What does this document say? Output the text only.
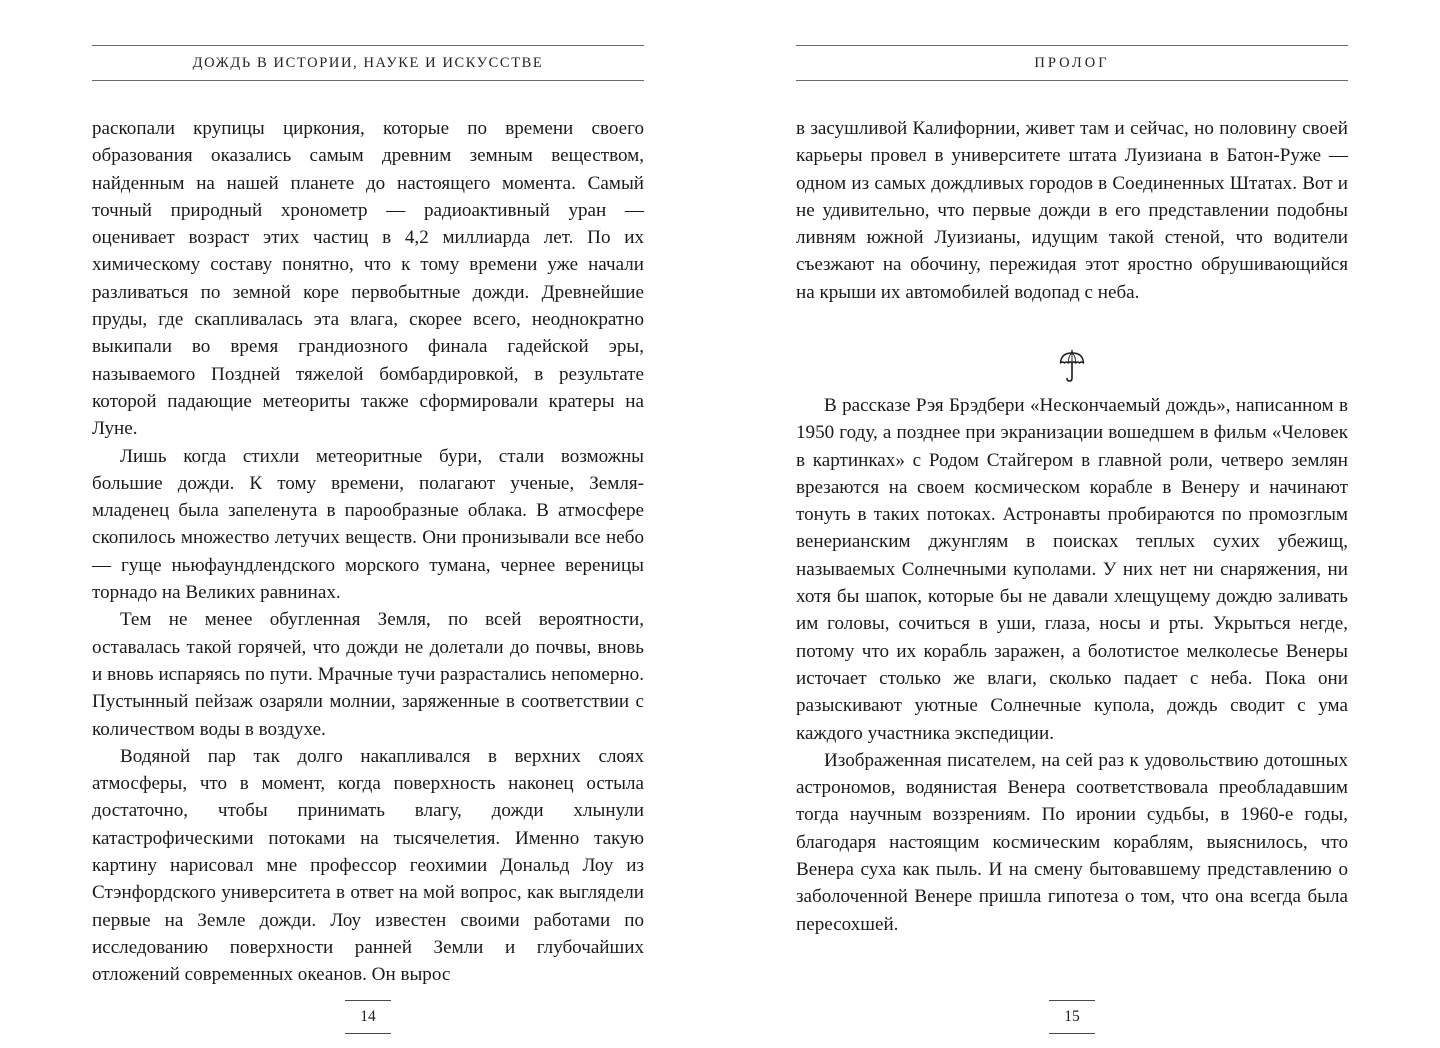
ДОЖДЬ В ИСТОРИИ, НАУКЕ И ИСКУССТВЕ

раскопали крупицы циркония, которые по времени своего образования оказались самым древним земным веществом, найденным на нашей планете до настоящего момента. Самый точный природный хронометр — радиоактивный уран — оценивает возраст этих частиц в 4,2 миллиарда лет. По их химическому составу понятно, что к тому времени уже начали разливаться по земной коре первобытные дожди. Древнейшие пруды, где скапливалась эта влага, скорее всего, неоднократно выкипали во время грандиозного финала гадейской эры, называемого Поздней тяжелой бомбардировкой, в результате которой падающие метеориты также сформировали кратеры на Луне.

Лишь когда стихли метеоритные бури, стали возможны большие дожди. К тому времени, полагают ученые, Земля-младенец была запеленута в парообразные облака. В атмосфере скопилось множество летучих веществ. Они пронизывали все небо — гуще ньюфаундлендского морского тумана, чернее вереницы торнадо на Великих равнинах.

Тем не менее обугленная Земля, по всей вероятности, оставалась такой горячей, что дожди не долетали до почвы, вновь и вновь испаряясь по пути. Мрачные тучи разрастались непомерно. Пустынный пейзаж озаряли молнии, заряженные в соответствии с количеством воды в воздухе.

Водяной пар так долго накапливался в верхних слоях атмосферы, что в момент, когда поверхность наконец остыла достаточно, чтобы принимать влагу, дожди хлынули катастрофическими потоками на тысячелетия. Именно такую картину нарисовал мне профессор геохимии Дональд Лоу из Стэнфордского университета в ответ на мой вопрос, как выглядели первые на Земле дожди. Лоу известен своими работами по исследованию поверхности ранней Земли и глубочайших отложений современных океанов. Он вырос

14
ПРОЛОГ

в засушливой Калифорнии, живет там и сейчас, но половину своей карьеры провел в университете штата Луизиана в Батон-Руже — одном из самых дождливых городов в Соединенных Штатах. Вот и не удивительно, что первые дожди в его представлении подобны ливням южной Луизианы, идущим такой стеной, что водители съезжают на обочину, пережидая этот яростно обрушивающийся на крыши их автомобилей водопад с неба.

В рассказе Рэя Брэдбери «Нескончаемый дождь», написанном в 1950 году, а позднее при экранизации вошедшем в фильм «Человек в картинках» с Родом Стайгером в главной роли, четверо землян врезаются на своем космическом корабле в Венеру и начинают тонуть в таких потоках. Астронавты пробираются по промозглым венерианским джунглям в поисках теплых сухих убежищ, называемых Солнечными куполами. У них нет ни снаряжения, ни хотя бы шапок, которые бы не давали хлещущему дождю заливать им головы, сочиться в уши, глаза, носы и рты. Укрыться негде, потому что их корабль заражен, а болотистое мелколесье Венеры источает столько же влаги, сколько падает с неба. Пока они разыскивают уютные Солнечные купола, дождь сводит с ума каждого участника экспедиции.

Изображенная писателем, на сей раз к удовольствию дотошных астрономов, водянистая Венера соответствовала преобладавшим тогда научным воззрениям. По иронии судьбы, в 1960-е годы, благодаря настоящим космическим кораблям, выяснилось, что Венера суха как пыль. И на смену бытовавшему представлению о заболоченной Венере пришла гипотеза о том, что она всегда была пересохшей.

15
